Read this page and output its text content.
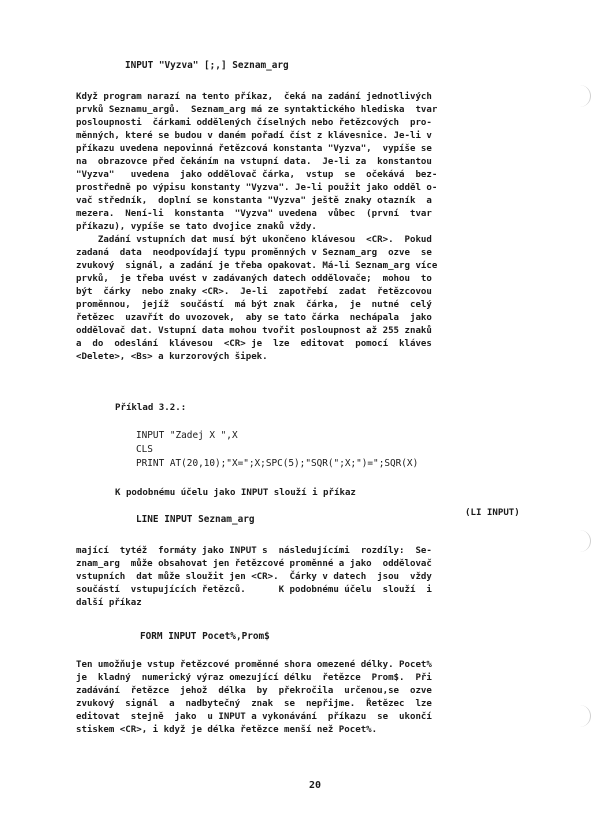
INPUT "Vyzva" [;,] Seznam_arg
Když program narazí na tento příkaz,  čeká na zadání jednotlivých
prvků Seznamu_argů.  Seznam_arg má ze syntaktického hlediska  tvar
posloupnosti  čárkami oddělených číselných nebo řetězcových  pro-
měnných, které se budou v daném pořadí číst z klávesnice. Je-li v
příkazu uvedena nepovinná řetězcová konstanta "Vyzva",  vypíše se
na  obrazovce před čekáním na vstupní data.  Je-li za  konstantou
"Vyzva"   uvedena  jako oddělovač čárka,  vstup  se  očekává  bez-
prostředně po výpisu konstanty "Vyzva". Je-li použit jako odděl o-
vač středník,  doplní se konstanta "Vyzva" ještě znaky otazník  a
mezera.  Není-li  konstanta  "Vyzva" uvedena  vůbec  (první  tvar
příkazu), vypíše se tato dvojice znaků vždy.
Zadání vstupních dat musí být ukončeno klávesou  <CR>.  Pokud
zadaná  data  neodpovídají typu proměnných v Seznam_arg  ozve  se
zvukový  signál, a zadání je třeba opakovat. Má-li Seznam_arg více
prvků,  je třeba uvést v zadávaných datech oddělovače;  mohou  to
být  čárky  nebo znaky <CR>.  Je-li  zapotřebí  zadat  řetězcovou
proměnnou,  jejíž  součástí  má být znak  čárka,  je  nutné  celý
řetězec  uzavřít do uvozovek,  aby se tato čárka  nechápala  jako
oddělovač dat. Vstupní data mohou tvořit posloupnost až 255 znaků
a  do  odeslání  klávesou  <CR> je  lze  editovat  pomocí  kláves
<Delete>, <Bs> a kurzorových šipek.
Příklad 3.2.:
INPUT "Zadej X ",X
CLS
PRINT AT(20,10);"X=";X;SPC(5);"SQR(";X;")=";SQR(X)
K podobnému účelu jako INPUT slouží i příkaz
LINE INPUT Seznam_arg
(LI INPUT)
mající  tytéž  formáty jako INPUT s  následujícími  rozdíly:  Se-
znam_arg  může obsahovat jen řetězcové proměnné a jako  oddělovač
vstupních  dat může sloužit jen <CR>.  Čárky v datech  jsou  vždy
součástí  vstupujících řetězců.      K podobnému účelu  slouží  i
další příkaz
FORM INPUT Pocet%,Prom$
Ten umožňuje vstup řetězcové proměnné shora omezené délky. Pocet%
je  kladný  numerický výraz omezující délku  řetězce  Prom$.  Při
zadávání  řetězce  jehož  délka  by  překročila  určenou,se  ozve
zvukový  signál  a  nadbytečný  znak  se  nepřijme.  Řetězec  lze
editovat  stejně  jako  u INPUT a vykonávání  příkazu  se  ukončí
stiskem <CR>, i když je délka řetězce menší než Pocet%.
20
